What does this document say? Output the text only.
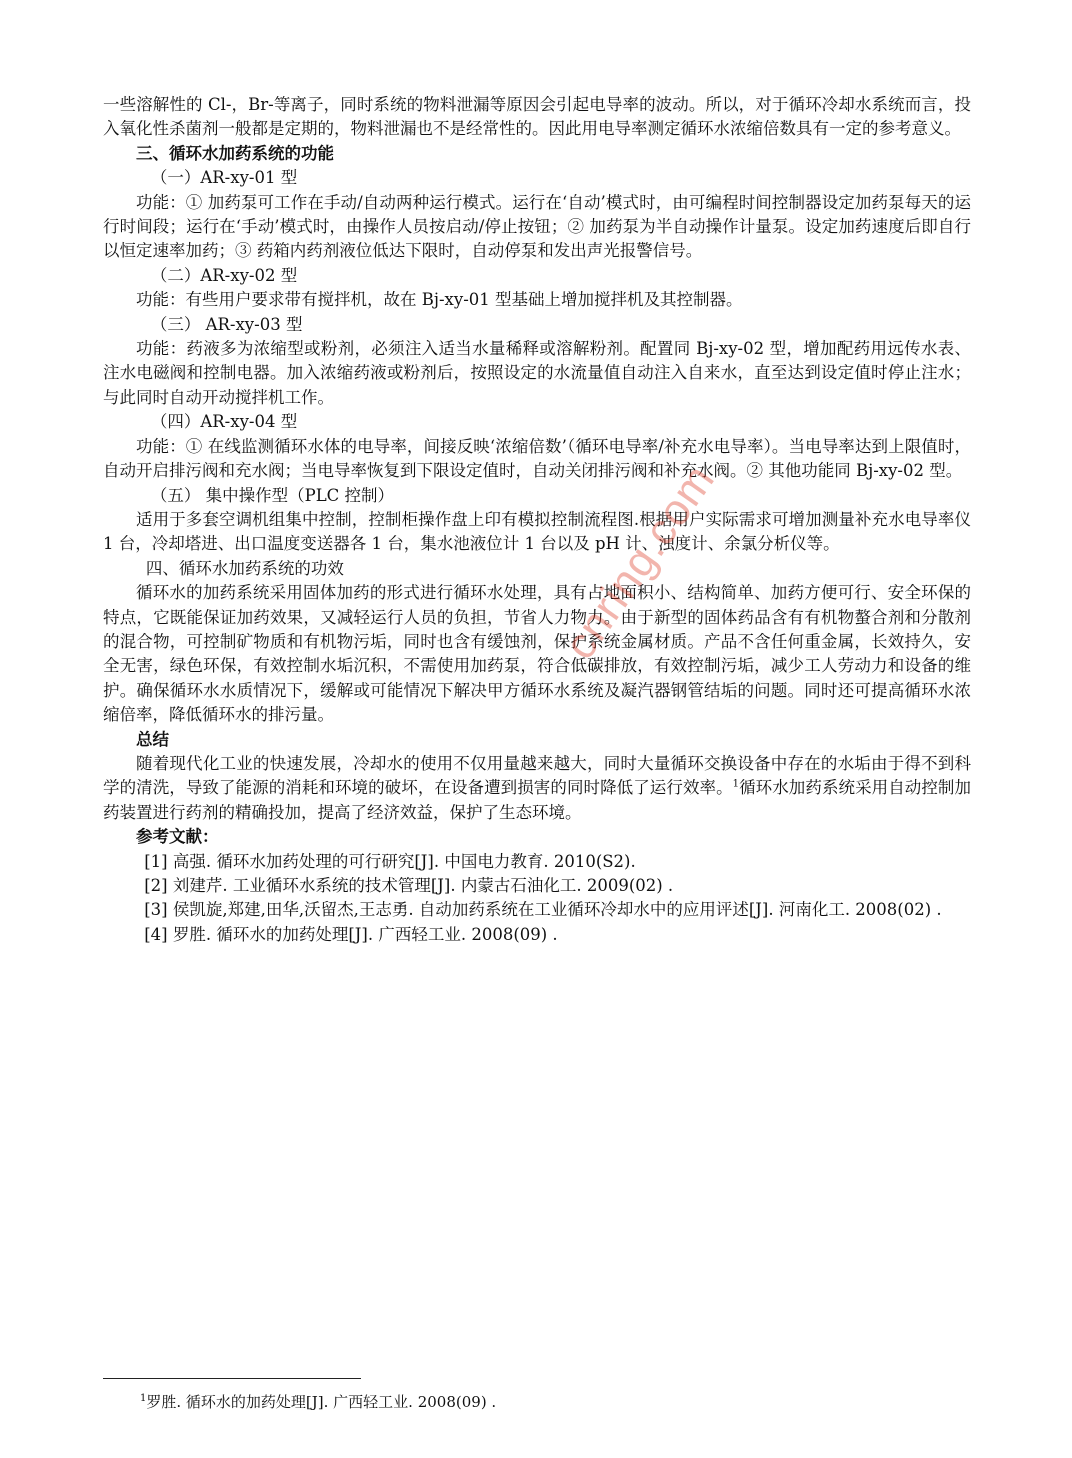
一些溶解性的 Cl-，Br-等离子，同时系统的物料泄漏等原因会引起电导率的波动。所以，对于循环冷却水系统而言，投入氧化性杀菌剂一般都是定期的，物料泄漏也不是经常性的。因此用电导率测定循环水浓缩倍数具有一定的参考意义。

三、循环水加药系统的功能

（一）AR-xy-01 型

功能：① 加药泵可工作在手动/自动两种运行模式。运行在‘自动’模式时，由可编程时间控制器设定加药泵每天的运行时间段；运行在‘手动’模式时，由操作人员按启动/停止按钮；② 加药泵为半自动操作计量泵。设定加药速度后即自行以恒定速率加药；③ 药箱内药剂液位低达下限时，自动停泵和发出声光报警信号。

（二）AR-xy-02 型

功能：有些用户要求带有搅拌机，故在 Bj-xy-01 型基础上增加搅拌机及其控制器。

（三） AR-xy-03 型

功能：药液多为浓缩型或粉剂，必须注入适当水量稀释或溶解粉剂。配置同 Bj-xy-02 型，增加配药用远传水表、注水电磁阀和控制电器。加入浓缩药液或粉剂后，按照设定的水流量值自动注入自来水，直至达到设定值时停止注水；与此同时自动开动搅拌机工作。

（四）AR-xy-04 型

功能：① 在线监测循环水体的电导率，间接反映‘浓缩倍数’（循环电导率/补充水电导率）。当电导率达到上限值时，自动开启排污阀和充水阀；当电导率恢复到下限设定值时，自动关闭排污阀和补充水阀。② 其他功能同 Bj-xy-02 型。

（五） 集中操作型（PLC 控制）

适用于多套空调机组集中控制，控制柜操作盘上印有模拟控制流程图.根据用户实际需求可增加测量补充水电导率仪 1 台，冷却塔进、出口温度变送器各 1 台，集水池液位计 1 台以及 pH 计、浊度计、余氯分析仪等。

四、循环水加药系统的功效

循环水的加药系统采用固体加药的形式进行循环水处理，具有占地面积小、结构简单、加药方便可行、安全环保的特点，它既能保证加药效果，又减轻运行人员的负担，节省人力物力。由于新型的固体药品含有有机物螯合剂和分散剂的混合物，可控制矿物质和有机物污垢，同时也含有缓蚀剂，保护系统金属材质。产品不含任何重金属，长效持久，安全无害，绿色环保，有效控制水垢沉积，不需使用加药泵，符合低碳排放，有效控制污垢，减少工人劳动力和设备的维护。确保循环水水质情况下，缓解或可能情况下解决甲方循环水系统及凝汽器钢管结垢的问题。同时还可提高循环水浓缩倍率，降低循环水的排污量。

总结

随着现代化工业的快速发展，冷却水的使用不仅用量越来越大，同时大量循环交换设备中存在的水垢由于得不到科学的清洗，导致了能源的消耗和环境的破坏，在设备遭到损害的同时降低了运行效率。$^1$循环水加药系统采用自动控制加药装置进行药剂的精确投加，提高了经济效益，保护了生态环境。

参考文献：

[1] 高强. 循环水加药处理的可行研究[J]. 中国电力教育. 2010(S2).

[2] 刘建芹. 工业循环水系统的技术管理[J]. 内蒙古石油化工. 2009(02) .

[3] 侯凯旋,郑建,田华,沃留杰,王志勇. 自动加药系统在工业循环冷却水中的应用评述[J]. 河南化工. 2008(02) .

[4] 罗胜. 循环水的加药处理[J]. 广西轻工业. 2008(09) .

cnring.com
$^1$罗胜. 循环水的加药处理[J]. 广西轻工业. 2008(09) .
